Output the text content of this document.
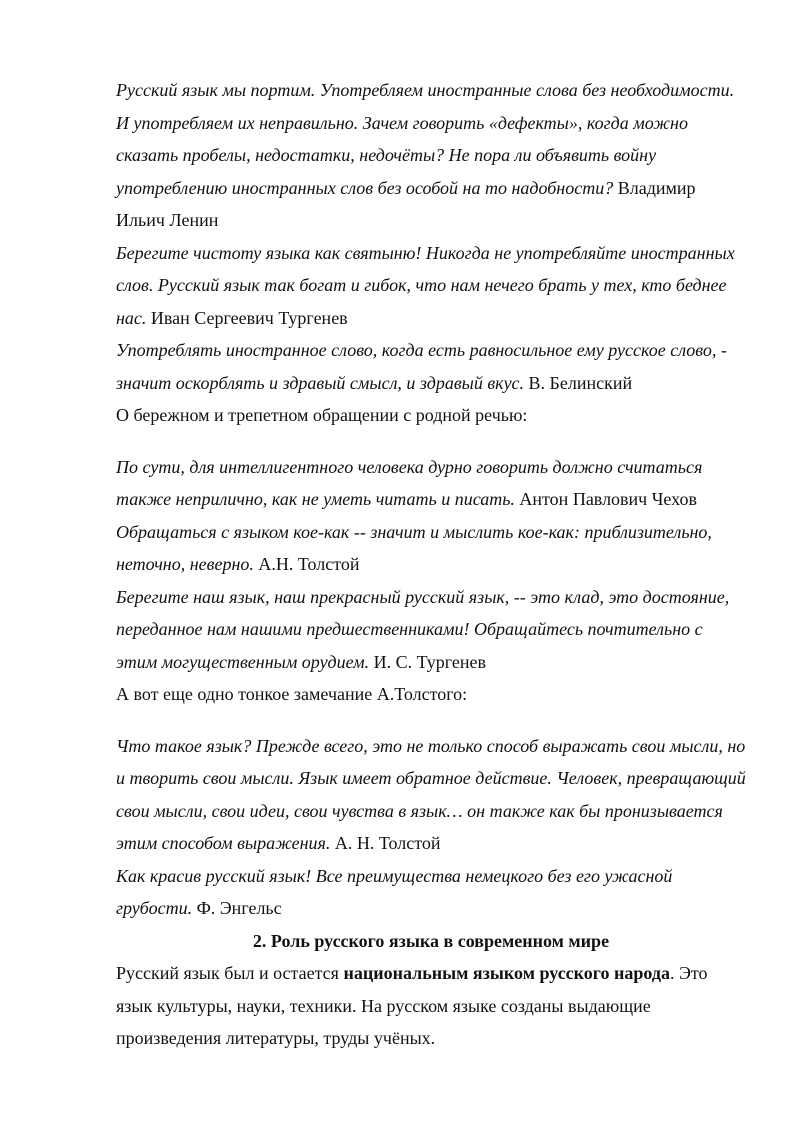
Русский язык мы портим. Употребляем иностранные слова без необходимости. И употребляем их неправильно. Зачем говорить «дефекты», когда можно сказать пробелы, недостатки, недочёты? Не пора ли объявить войну употреблению иностранных слов без особой на то надобности? Владимир Ильич Ленин

Берегите чистоту языка как святыню! Никогда не употребляйте иностранных слов. Русский язык так богат и гибок, что нам нечего брать у тех, кто беднее нас. Иван Сергеевич Тургенев

Употреблять иностранное слово, когда есть равносильное ему русское слово, - значит оскорблять и здравый смысл, и здравый вкус. В. Белинский

О бережном и трепетном обращении с родной речью:

По сути, для интеллигентного человека дурно говорить должно считаться также неприлично, как не уметь читать и писать. Антон Павлович Чехов

Обращаться с языком кое-как -- значит и мыслить кое-как: приблизительно, неточно, неверно. А.Н. Толстой

Берегите наш язык, наш прекрасный русский язык, -- это клад, это достояние, переданное нам нашими предшественниками! Обращайтесь почтительно с этим могущественным орудием. И. С. Тургенев

А вот еще одно тонкое замечание А.Толстого:

Что такое язык? Прежде всего, это не только способ выражать свои мысли, но и творить свои мысли. Язык имеет обратное действие. Человек, превращающий свои мысли, свои идеи, свои чувства в язык… он также как бы пронизывается этим способом выражения. А. Н. Толстой

Как красив русский язык! Все преимущества немецкого без его ужасной грубости. Ф. Энгельс

2. Роль русского языка в современном мире

Русский язык был и остается национальным языком русского народа. Это язык культуры, науки, техники. На русском языке созданы выдающие произведения литературы, труды учёных.
